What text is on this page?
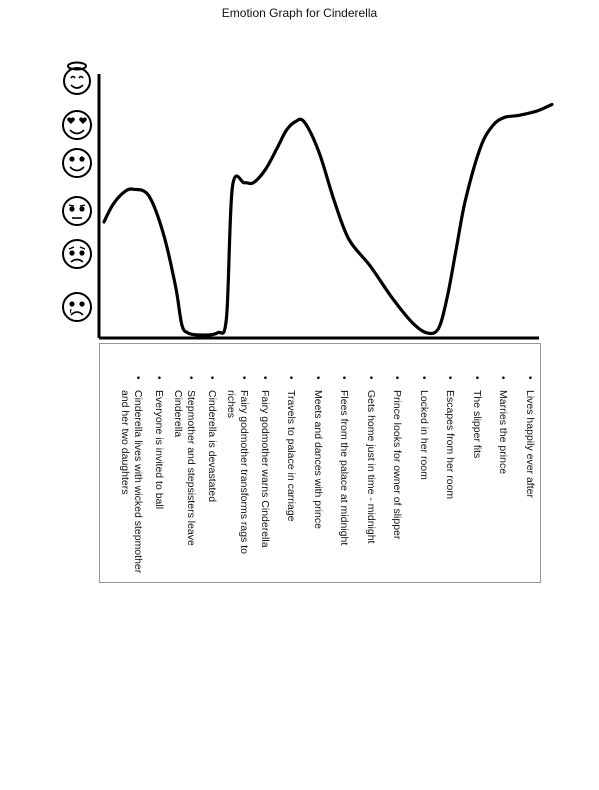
Emotion Graph for Cinderella
•
Cinderella lives with wicked stepmother and her two daughters
•
Everyone is invited to ball
•
Stepmother and stepsisters leave Cinderella
•
Cinderella is devastated
•
Fairy godmother transforms rags to riches
•
Fairy godmother warns Cinderella
•
Travels to palace in carriage
•
Meets and dances with prince
•
Flees from the palace at midnight
•
Gets home just in time - midnight
•
Prince looks for owner of slipper
•
Locked in her room
•
Escapes from her room
•
The slipper fits
•
Marries the prince
•
Lives happily ever after
